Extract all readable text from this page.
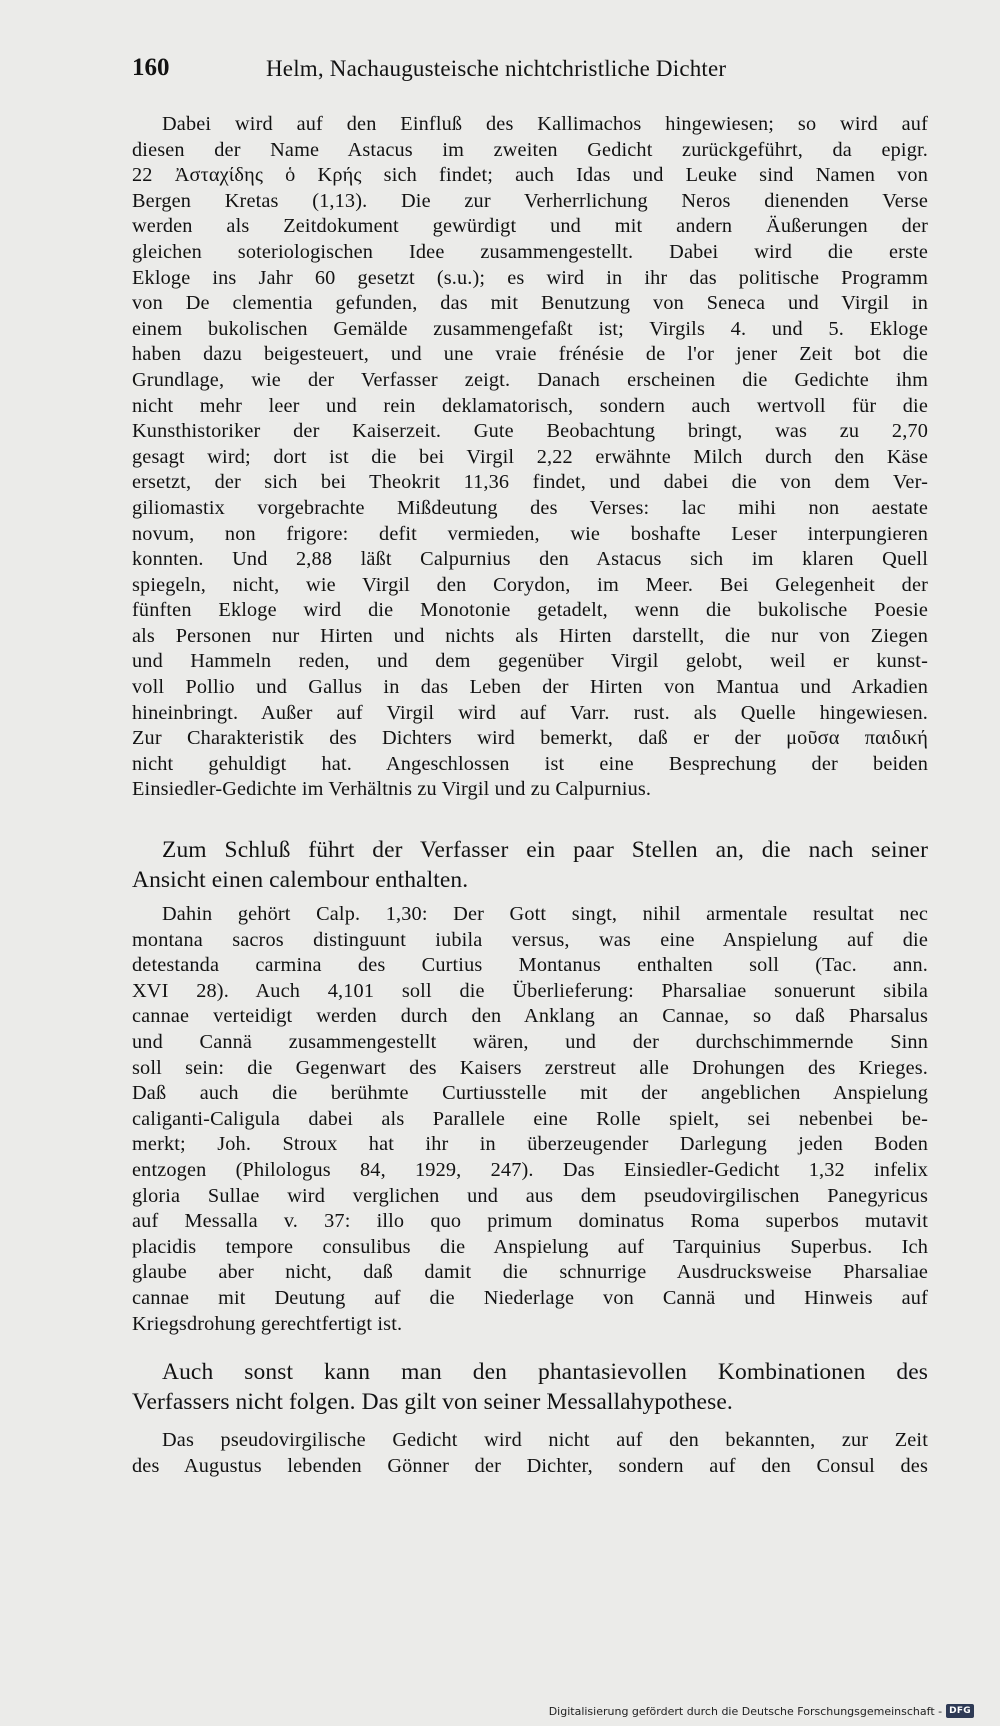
160	Helm, Nachaugusteische nichtchristliche Dichter
Dabei wird auf den Einfluß des Kallimachos hingewiesen; so wird auf
diesen der Name Astacus im zweiten Gedicht zurückgeführt, da epigr.
22 Ἀσταχίδης ὁ Κρής sich findet; auch Idas und Leuke sind Namen von
Bergen Kretas (1,13). Die zur Verherrlichung Neros dienenden Verse
werden als Zeitdokument gewürdigt und mit andern Äußerungen der
gleichen soteriologischen Idee zusammengestellt. Dabei wird die erste
Ekloge ins Jahr 60 gesetzt (s.u.); es wird in ihr das politische Programm
von De clementia gefunden, das mit Benutzung von Seneca und Virgil in
einem bukolischen Gemälde zusammengefaßt ist; Virgils 4. und 5. Ekloge
haben dazu beigesteuert, und une vraie frénésie de l'or jener Zeit bot die
Grundlage, wie der Verfasser zeigt. Danach erscheinen die Gedichte ihm
nicht mehr leer und rein deklamatorisch, sondern auch wertvoll für die
Kunsthistoriker der Kaiserzeit. Gute Beobachtung bringt, was zu 2,70
gesagt wird; dort ist die bei Virgil 2,22 erwähnte Milch durch den Käse
ersetzt, der sich bei Theokrit 11,36 findet, und dabei die von dem Ver-
giliomastix vorgebrachte Mißdeutung des Verses: lac mihi non aestate
novum, non frigore: defit vermieden, wie boshafte Leser interpungieren
konnten. Und 2,88 läßt Calpurnius den Astacus sich im klaren Quell
spiegeln, nicht, wie Virgil den Corydon, im Meer. Bei Gelegenheit der
fünften Ekloge wird die Monotonie getadelt, wenn die bukolische Poesie
als Personen nur Hirten und nichts als Hirten darstellt, die nur von Ziegen
und Hammeln reden, und dem gegenüber Virgil gelobt, weil er kunst-
voll Pollio und Gallus in das Leben der Hirten von Mantua und Arkadien
hineinbringt. Außer auf Virgil wird auf Varr. rust. als Quelle hingewiesen.
Zur Charakteristik des Dichters wird bemerkt, daß er der μοῦσα παιδική
nicht gehuldigt hat. Angeschlossen ist eine Besprechung der beiden
Einsiedler-Gedichte im Verhältnis zu Virgil und zu Calpurnius.
Zum Schluß führt der Verfasser ein paar Stellen an, die nach seiner
Ansicht einen calembour enthalten.
Dahin gehört Calp. 1,30: Der Gott singt, nihil armentale resultat nec
montana sacros distinguunt iubila versus, was eine Anspielung auf die
detestanda carmina des Curtius Montanus enthalten soll (Tac. ann.
XVI 28). Auch 4,101 soll die Überlieferung: Pharsaliae sonuerunt sibila
cannae verteidigt werden durch den Anklang an Cannae, so daß Pharsalus
und Cannä zusammengestellt wären, und der durchschimmernde Sinn
soll sein: die Gegenwart des Kaisers zerstreut alle Drohungen des Krieges.
Daß auch die berühmte Curtiusstelle mit der angeblichen Anspielung
caliganti-Caligula dabei als Parallele eine Rolle spielt, sei nebenbei be-
merkt; Joh. Stroux hat ihr in überzeugender Darlegung jeden Boden
entzogen (Philologus 84, 1929, 247). Das Einsiedler-Gedicht 1,32 infelix
gloria Sullae wird verglichen und aus dem pseudovirgilischen Panegyricus
auf Messalla v. 37: illo quo primum dominatus Roma superbos mutavit
placidis tempore consulibus die Anspielung auf Tarquinius Superbus. Ich
glaube aber nicht, daß damit die schnurrige Ausdrucksweise Pharsaliae
cannae mit Deutung auf die Niederlage von Cannä und Hinweis auf
Kriegsdrohung gerechtfertigt ist.
Auch sonst kann man den phantasievollen Kombinationen des
Verfassers nicht folgen. Das gilt von seiner Messallahypothese.
Das pseudovirgilische Gedicht wird nicht auf den bekannten, zur Zeit
des Augustus lebenden Gönner der Dichter, sondern auf den Consul des
Digitalisierung gefördert durch die Deutsche Forschungsgemeinschaft - DFG
